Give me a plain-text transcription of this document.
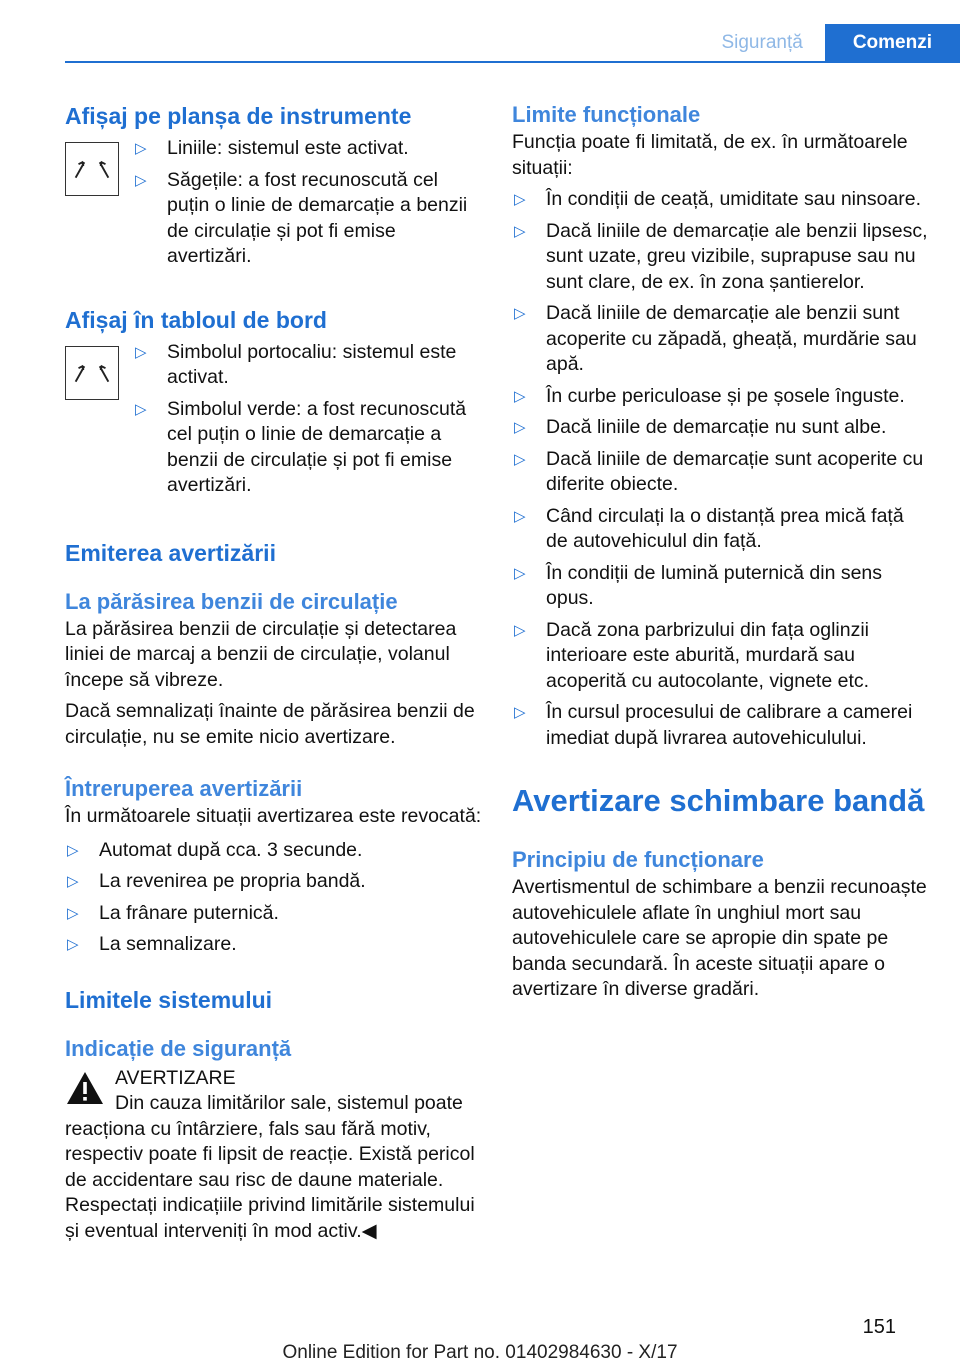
Siguranță	Comenzi
Afișaj pe planșa de instrumente
▷ Liniile: sistemul este activat.
▷ Săgețile: a fost recunoscută cel puțin o linie de demarcație a benzii de circulație și pot fi emise avertizări.
Afișaj în tabloul de bord
▷ Simbolul portocaliu: sistemul este activat.
▷ Simbolul verde: a fost recunoscută cel puțin o linie de demarcație a benzii de circulație și pot fi emise avertizări.
Emiterea avertizării
La părăsirea benzii de circulație

La părăsirea benzii de circulație și detectarea liniei de marcaj a benzii de circulație, volanul începe să vibreze.

Dacă semnalizați înainte de părăsirea benzii de circulație, nu se emite nicio avertizare.

Întreruperea avertizării

În următoarele situații avertizarea este revocată:

▷ Automat după cca. 3 secunde.
▷ La revenirea pe propria bandă.
▷ La frânare puternică.
▷ La semnalizare.
Limitele sistemului
Indicație de siguranță
AVERTIZARE
Din cauza limitărilor sale, sistemul poate reacționa cu întârziere, fals sau fără motiv, respectiv poate fi lipsit de reacție. Există pericol de accidentare sau risc de daune materiale. Respectați indicațiile privind limitările sistemului și eventual interveniți în mod activ.◀
Limite funcționale

Funcția poate fi limitată, de ex. în următoarele situații:

▷ În condiții de ceață, umiditate sau ninsoare.
▷ Dacă liniile de demarcație ale benzii lipsesc, sunt uzate, greu vizibile, suprapuse sau nu sunt clare, de ex. în zona șantierelor.
▷ Dacă liniile de demarcație ale benzii sunt acoperite cu zăpadă, gheață, murdărie sau apă.
▷ În curbe periculoase și pe șosele înguste.
▷ Dacă liniile de demarcație nu sunt albe.
▷ Dacă liniile de demarcație sunt acoperite cu diferite obiecte.
▷ Când circulați la o distanță prea mică față de autovehiculul din față.
▷ În condiții de lumină puternică din sens opus.
▷ Dacă zona parbrizului din fața oglinzii interioare este aburită, murdară sau acoperită cu autocolante, vignete etc.
▷ În cursul procesului de calibrare a camerei imediat după livrarea autovehiculului.
Avertizare schimbare bandă
Principiu de funcționare

Avertismentul de schimbare a benzii recunoaște autovehiculele aflate în unghiul mort sau autovehiculele care se apropie din spate pe banda secundară. În aceste situații apare o avertizare în diverse gradări.

151
Online Edition for Part no. 01402984630 - X/17
